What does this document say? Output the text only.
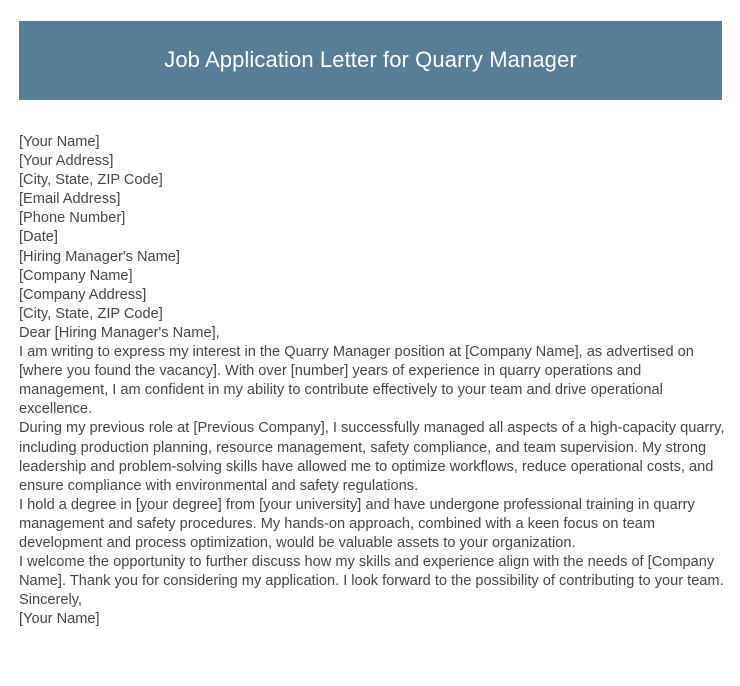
Job Application Letter for Quarry Manager
[Your Name]
[Your Address]
[City, State, ZIP Code]
[Email Address]
[Phone Number]
[Date]
[Hiring Manager's Name]
[Company Name]
[Company Address]
[City, State, ZIP Code]
Dear [Hiring Manager's Name],
I am writing to express my interest in the Quarry Manager position at [Company Name], as advertised on [where you found the vacancy]. With over [number] years of experience in quarry operations and management, I am confident in my ability to contribute effectively to your team and drive operational excellence.
During my previous role at [Previous Company], I successfully managed all aspects of a high-capacity quarry, including production planning, resource management, safety compliance, and team supervision. My strong leadership and problem-solving skills have allowed me to optimize workflows, reduce operational costs, and ensure compliance with environmental and safety regulations.
I hold a degree in [your degree] from [your university] and have undergone professional training in quarry management and safety procedures. My hands-on approach, combined with a keen focus on team development and process optimization, would be valuable assets to your organization.
I welcome the opportunity to further discuss how my skills and experience align with the needs of [Company Name]. Thank you for considering my application. I look forward to the possibility of contributing to your team.
Sincerely,
[Your Name]
